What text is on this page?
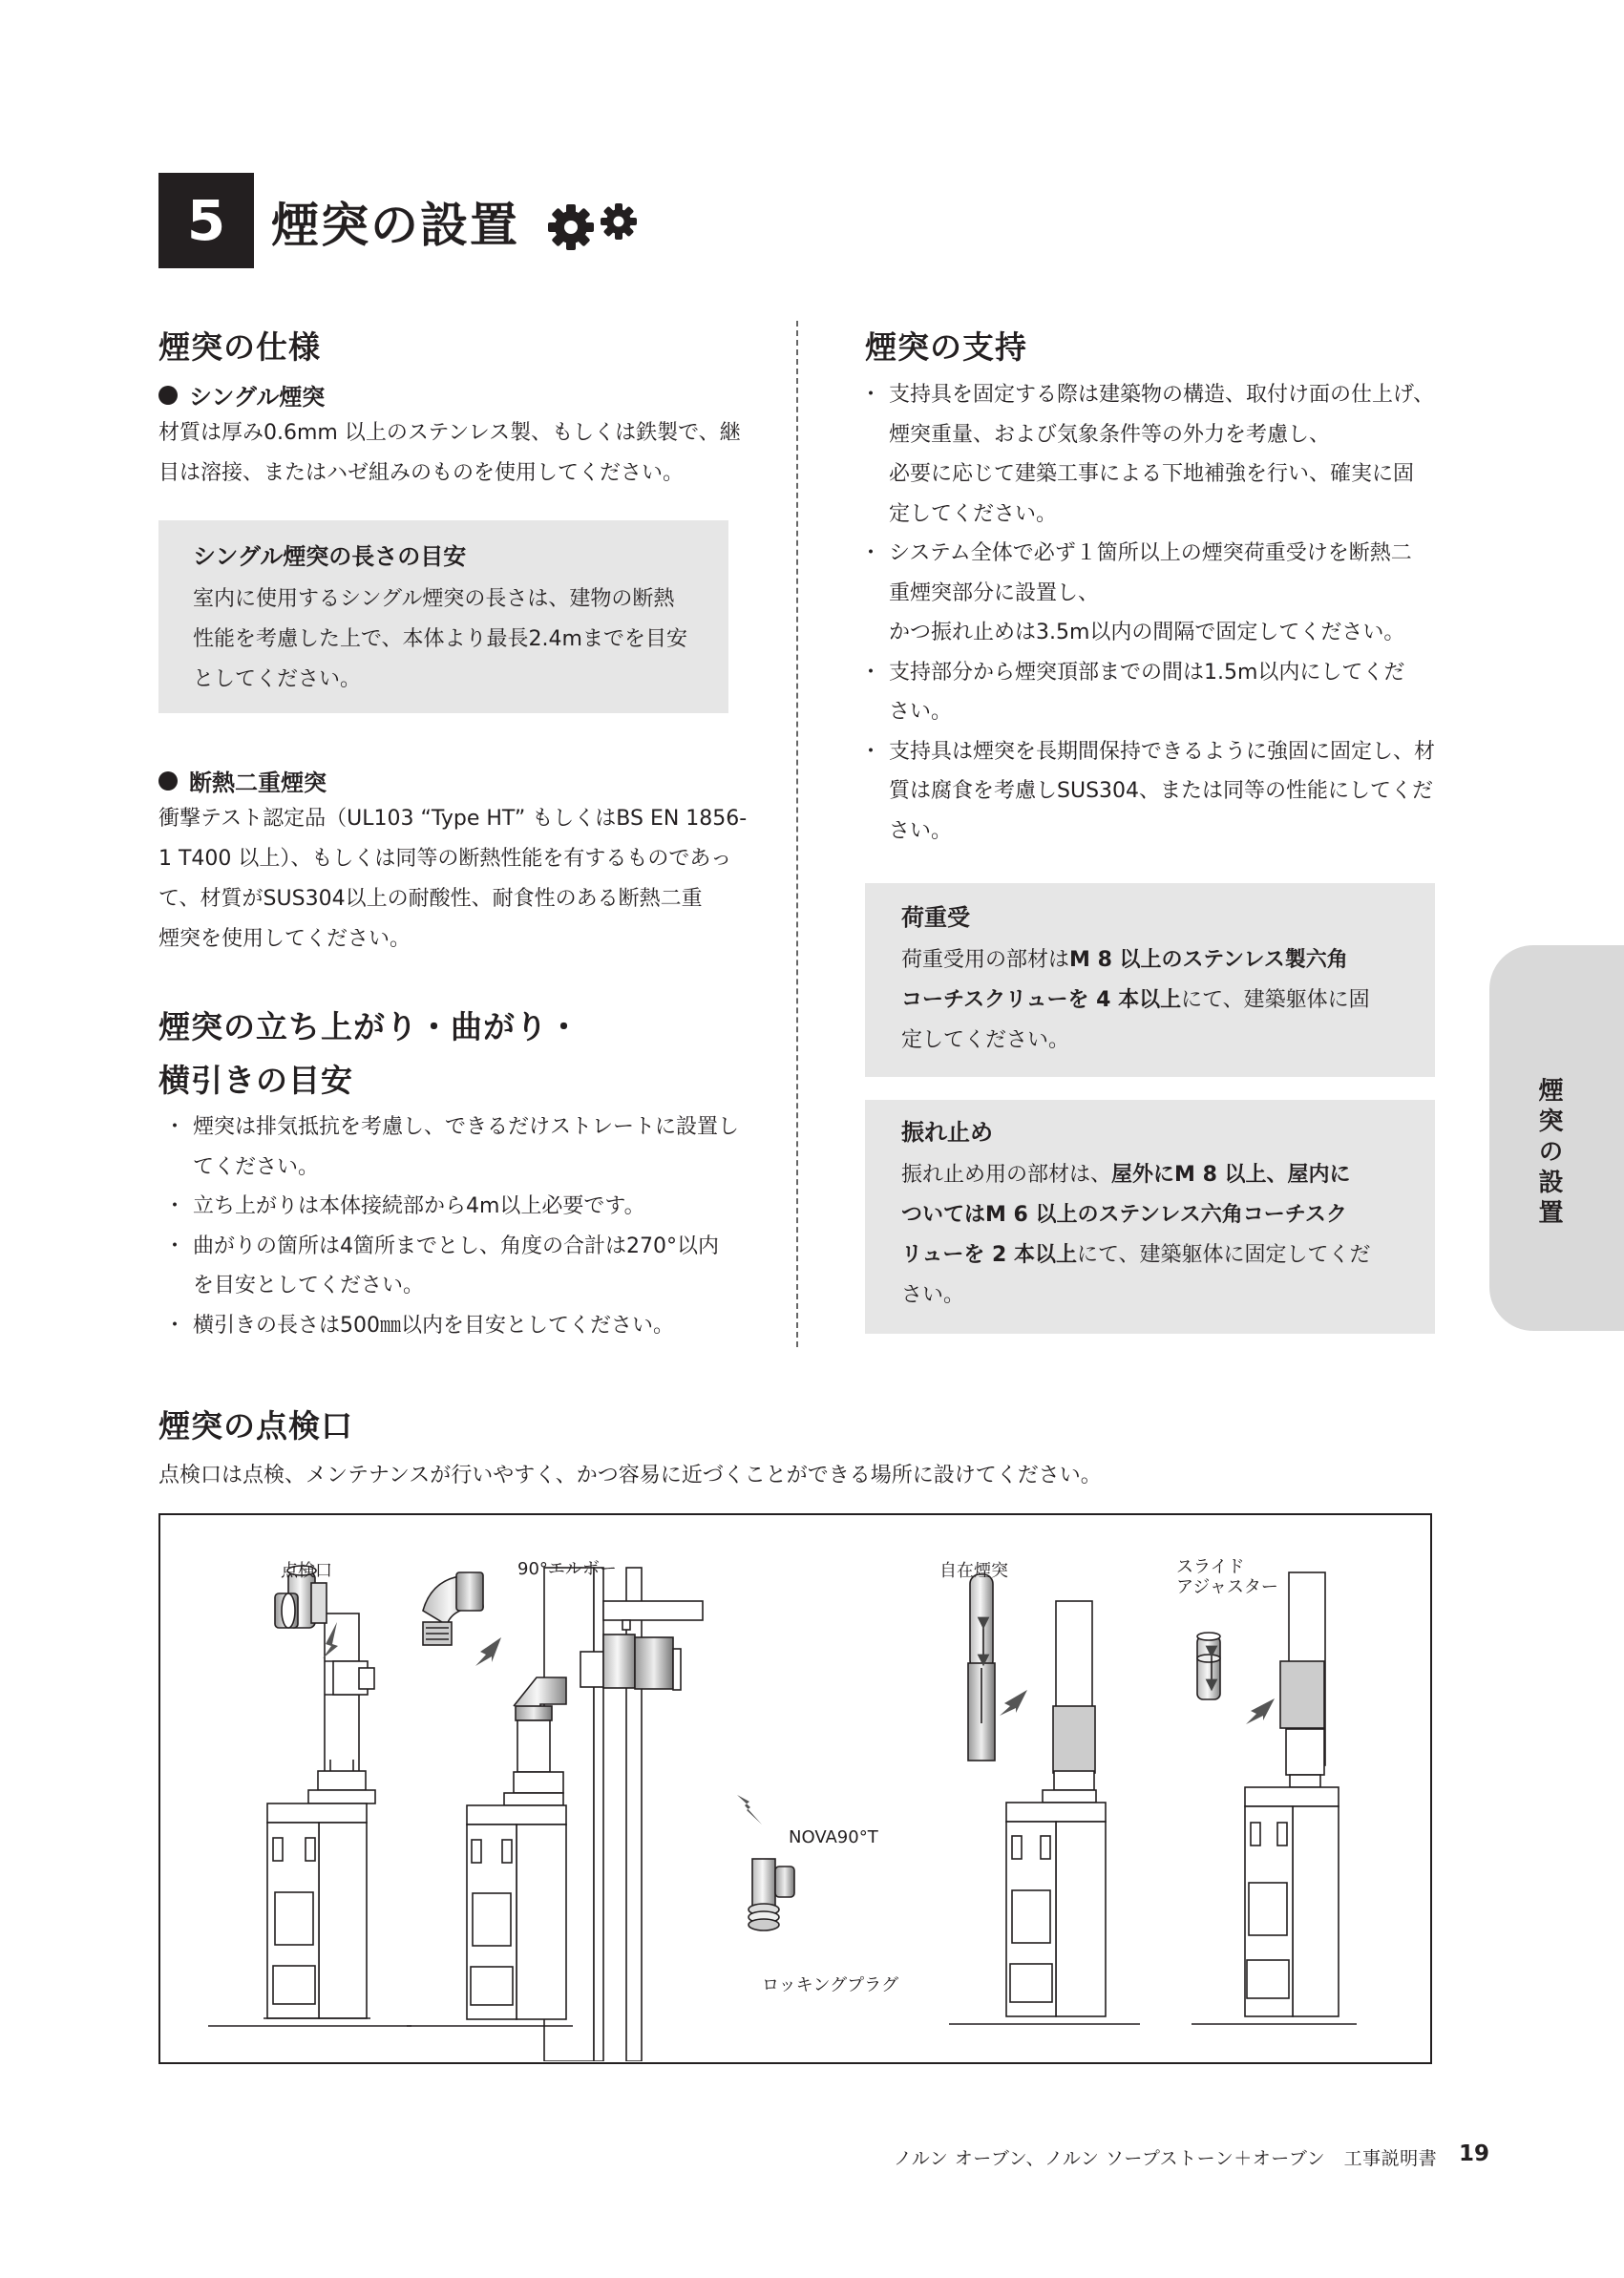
5 煙突の設置
煙突の仕様
シングル煙突
材質は厚み0.6mm 以上のステンレス製、もしくは鉄製で、継
目は溶接、またはハゼ組みのものを使用してください。

シングル煙突の長さの目安

室内に使用するシングル煙突の長さは、建物の断熱
性能を考慮した上で、本体より最長2.4mまでを目安
としてください。
断熱二重煙突
衝撃テスト認定品（UL103 “Type HT” もしくはBS EN 1856-
1 T400 以上）、もしくは同等の断熱性能を有するものであっ
て、材質がSUS304以上の耐酸性、耐食性のある断熱二重
煙突を使用してください。
煙突の立ち上がり・曲がり・
横引きの目安
・ 煙突は排気抵抗を考慮し、できるだけストレートに設置し
てください。
・ 立ち上がりは本体接続部から4m以上必要です。
・ 曲がりの箇所は4箇所までとし、角度の合計は270°以内
を目安としてください。
・ 横引きの長さは500㎜以内を目安としてください。
煙突の支持
・ 支持具を固定する際は建築物の構造、取付け面の仕上げ、
煙突重量、および気象条件等の外力を考慮し、
必要に応じて建築工事による下地補強を行い、確実に固
定してください。
・ システム全体で必ず１箇所以上の煙突荷重受けを断熱二
重煙突部分に設置し、
かつ振れ止めは3.5m以内の間隔で固定してください。
・ 支持部分から煙突頂部までの間は1.5m以内にしてくだ
さい。
・ 支持具は煙突を長期間保持できるように強固に固定し、材
質は腐食を考慮しSUS304、または同等の性能にしてくだ
さい。

荷重受

荷重受用の部材はM 8 以上のステンレス製六角
コーチスクリューを 4 本以上にて、建築躯体に固
定してください。

振れ止め

振れ止め用の部材は、屋外にM 8 以上、屋内に
ついてはM 6 以上のステンレス六角コーチスク
リューを 2 本以上にて、建築躯体に固定してくだ
さい。
煙突の設置
煙突の点検口
点検口は点検、メンテナンスが行いやすく、かつ容易に近づくことができる場所に設けてください。
点検口	90°エルボー
NOVA90°T
ロッキングプラグ
自在煙突	スライド
アジャスター
ノルン オーブン、ノルン ソープストーン＋オーブン　工事説明書 19
